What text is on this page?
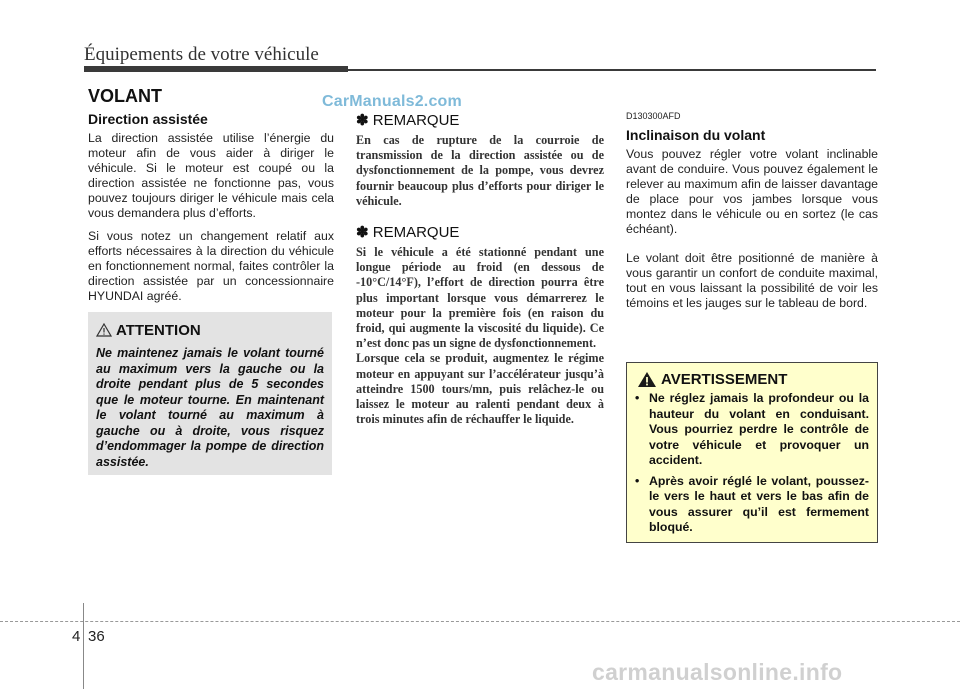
Équipements de votre véhicule
VOLANT	CarManuals2.com
Direction assistée

La direction assistée utilise l’énergie du moteur afin de vous aider à diriger le véhicule. Si le moteur est coupé ou la direction assistée ne fonctionne pas, vous pouvez toujours diriger le véhicule mais cela vous demandera plus d’efforts.

Si vous notez un changement relatif aux efforts nécessaires à la direction du véhicule en fonctionnement normal, faites contrôler la direction assistée par un concessionnaire HYUNDAI agréé.

ATTENTION
Ne maintenez jamais le volant tourné au maximum vers la gauche ou la droite pendant plus de 5 secondes que le moteur tourne. En maintenant le volant tourné au maximum à gauche ou à droite, vous risquez d’endommager la pompe de direction assistée.
✽ REMARQUE

En cas de rupture de la courroie de transmission de la direction assistée ou de dysfonctionnement de la pompe, vous devrez fournir beaucoup plus d’efforts pour diriger le véhicule.

✽ REMARQUE

Si le véhicule a été stationné pendant une longue période au froid (en dessous de -10°C/14°F), l’effort de direction pourra être plus important lorsque vous démarrerez le moteur pour la première fois (en raison du froid, qui augmente la viscosité du liquide). Ce n’est donc pas un signe de dysfonctionnement.

Lorsque cela se produit, augmentez le régime moteur en appuyant sur l’accélérateur jusqu’à atteindre 1500 tours/mn, puis relâchez-le ou laissez le moteur au ralenti pendant deux à trois minutes afin de réchauffer le liquide.

D130300AFD
Inclinaison du volant

Vous pouvez régler votre volant inclinable avant de conduire. Vous pouvez également le relever au maximum afin de laisser davantage de place pour vos jambes lorsque vous montez dans le véhicule ou en sortez (le cas échéant).

Le volant doit être positionné de manière à vous garantir un confort de conduite maximal, tout en vous laissant la possibilité de voir les témoins et les jauges sur le tableau de bord.

AVERTISSEMENT
• Ne réglez jamais la profondeur ou la hauteur du volant en conduisant. Vous pourriez perdre le contrôle de votre véhicule et provoquer un accident.
• Après avoir réglé le volant, poussez-le vers le haut et vers le bas afin de vous assurer qu’il est fermement bloqué.
4 36
carmanualsonline.info
